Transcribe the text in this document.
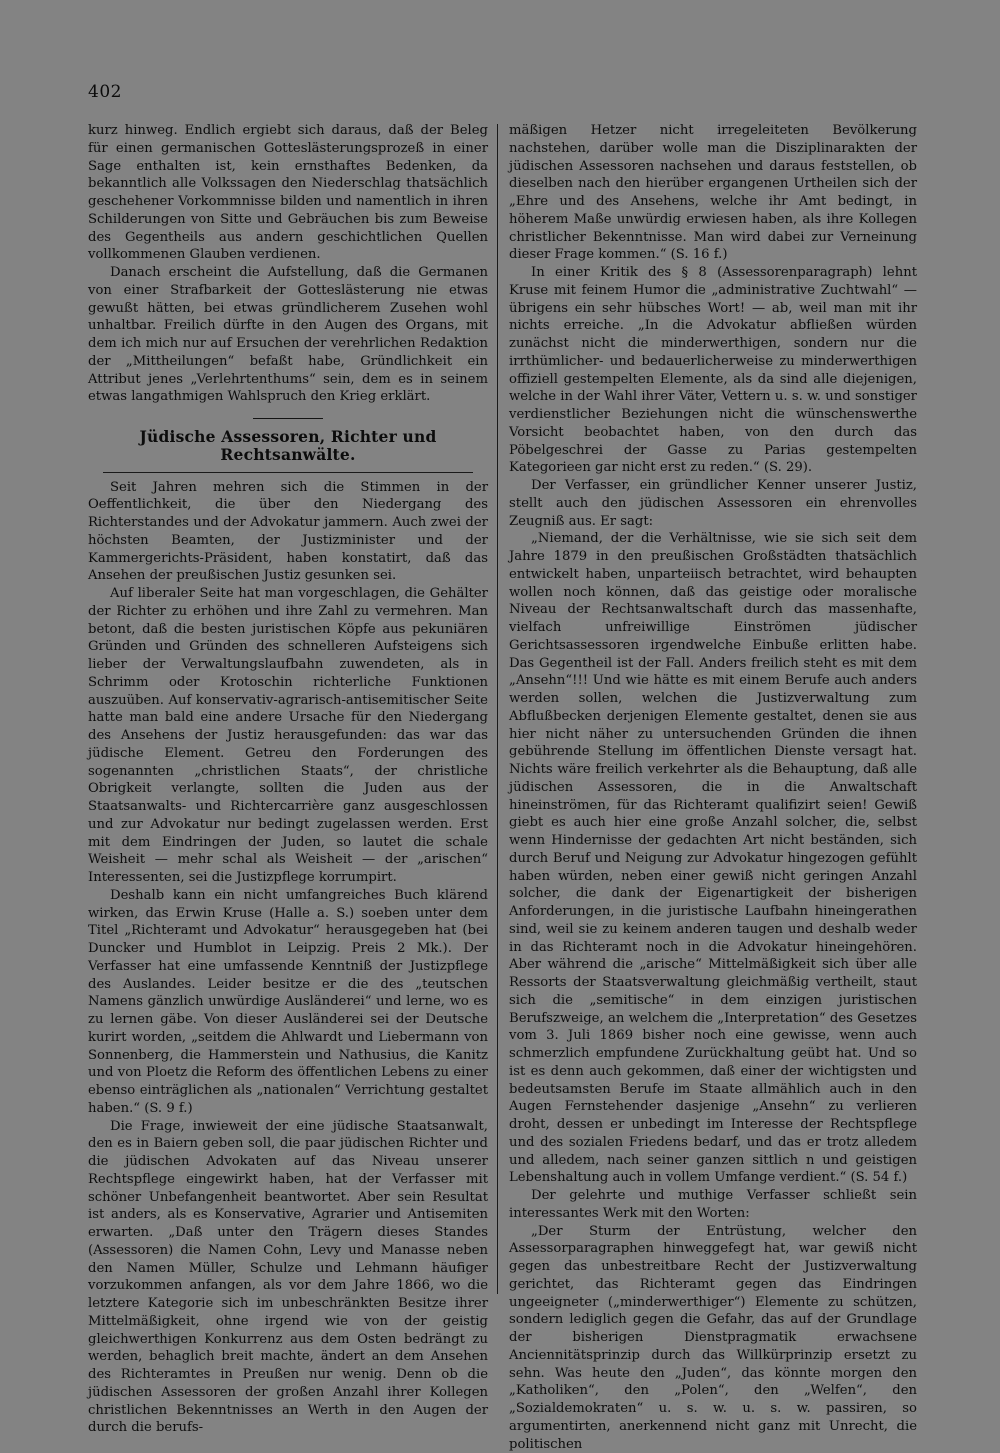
402

kurz hinweg. Endlich ergiebt sich daraus, daß der Beleg für einen germanischen Gotteslästerungsprozeß in einer Sage enthalten ist, kein ernsthaftes Bedenken, da bekanntlich alle Volkssagen den Niederschlag thatsächlich geschehener Vorkommnisse bilden und namentlich in ihren Schilderungen von Sitte und Gebräuchen bis zum Beweise des Gegentheils aus andern geschichtlichen Quellen vollkommenen Glauben verdienen.

Danach erscheint die Aufstellung, daß die Germanen von einer Strafbarkeit der Gotteslästerung nie etwas gewußt hätten, bei etwas gründlicherem Zusehen wohl unhaltbar. Freilich dürfte in den Augen des Organs, mit dem ich mich nur auf Ersuchen der verehrlichen Redaktion der „Mittheilungen“ befaßt habe, Gründlichkeit ein Attribut jenes „Verlehrtenthums“ sein, dem es in seinem etwas langathmigen Wahlspruch den Krieg erklärt.

Jüdische Assessoren, Richter und Rechtsanwälte.

Seit Jahren mehren sich die Stimmen in der Oeffentlichkeit, die über den Niedergang des Richterstandes und der Advokatur jammern. Auch zwei der höchsten Beamten, der Justizminister und der Kammergerichts-Präsident, haben konstatirt, daß das Ansehen der preußischen Justiz gesunken sei.

Auf liberaler Seite hat man vorgeschlagen, die Gehälter der Richter zu erhöhen und ihre Zahl zu vermehren. Man betont, daß die besten juristischen Köpfe aus pekuniären Gründen und Gründen des schnelleren Aufsteigens sich lieber der Verwaltungslaufbahn zuwendeten, als in Schrimm oder Krotoschin richterliche Funktionen auszuüben. Auf konservativ-agrarisch-antisemitischer Seite hatte man bald eine andere Ursache für den Niedergang des Ansehens der Justiz herausgefunden: das war das jüdische Element. Getreu den Forderungen des sogenannten „christlichen Staats“, der christliche Obrigkeit verlangte, sollten die Juden aus der Staatsanwalts- und Richtercarrière ganz ausgeschlossen und zur Advokatur nur bedingt zugelassen werden. Erst mit dem Eindringen der Juden, so lautet die schale Weisheit — mehr schal als Weisheit — der „arischen“ Interessenten, sei die Justizpflege korrumpirt.

Deshalb kann ein nicht umfangreiches Buch klärend wirken, das Erwin Kruse (Halle a. S.) soeben unter dem Titel „Richteramt und Advokatur“ herausgegeben hat (bei Duncker und Humblot in Leipzig. Preis 2 Mk.). Der Verfasser hat eine umfassende Kenntniß der Justizpflege des Auslandes. Leider besitze er die des „teutschen Namens gänzlich unwürdige Ausländerei“ und lerne, wo es zu lernen gäbe. Von dieser Ausländerei sei der Deutsche kurirt worden, „seitdem die Ahlwardt und Liebermann von Sonnenberg, die Hammerstein und Nathusius, die Kanitz und von Ploetz die Reform des öffentlichen Lebens zu einer ebenso einträglichen als „nationalen“ Verrichtung gestaltet haben.“ (S. 9 f.)

Die Frage, inwieweit der eine jüdische Staatsanwalt, den es in Baiern geben soll, die paar jüdischen Richter und die jüdischen Advokaten auf das Niveau unserer Rechtspflege eingewirkt haben, hat der Verfasser mit schöner Unbefangenheit beantwortet. Aber sein Resultat ist anders, als es Konservative, Agrarier und Antisemiten erwarten. „Daß unter den Trägern dieses Standes (Assessoren) die Namen Cohn, Levy und Manasse neben den Namen Müller, Schulze und Lehmann häufiger vorzukommen anfangen, als vor dem Jahre 1866, wo die letztere Kategorie sich im unbeschränkten Besitze ihrer Mittelmäßigkeit, ohne irgend wie von der geistig gleichwerthigen Konkurrenz aus dem Osten bedrängt zu werden, behaglich breit machte, ändert an dem Ansehen des Richteramtes in Preußen nur wenig. Denn ob die jüdischen Assessoren der großen Anzahl ihrer Kollegen christlichen Bekenntnisses an Werth in den Augen der durch die berufs-

mäßigen Hetzer nicht irregeleiteten Bevölkerung nachstehen, darüber wolle man die Disziplinarakten der jüdischen Assessoren nachsehen und daraus feststellen, ob dieselben nach den hierüber ergangenen Urtheilen sich der „Ehre und des Ansehens, welche ihr Amt bedingt, in höherem Maße unwürdig erwiesen haben, als ihre Kollegen christlicher Bekenntnisse. Man wird dabei zur Verneinung dieser Frage kommen.“ (S. 16 f.)

In einer Kritik des § 8 (Assessorenparagraph) lehnt Kruse mit feinem Humor die „administrative Zuchtwahl“ — übrigens ein sehr hübsches Wort! — ab, weil man mit ihr nichts erreiche. „In die Advokatur abfließen würden zunächst nicht die minderwerthigen, sondern nur die irrthümlicher- und bedauerlicherweise zu minderwerthigen offiziell gestempelten Elemente, als da sind alle diejenigen, welche in der Wahl ihrer Väter, Vettern u. s. w. und sonstiger verdienstlicher Beziehungen nicht die wünschenswerthe Vorsicht beobachtet haben, von den durch das Pöbelgeschrei der Gasse zu Parias gestempelten Kategorieen gar nicht erst zu reden.“ (S. 29).

Der Verfasser, ein gründlicher Kenner unserer Justiz, stellt auch den jüdischen Assessoren ein ehrenvolles Zeugniß aus. Er sagt:

„Niemand, der die Verhältnisse, wie sie sich seit dem Jahre 1879 in den preußischen Großstädten thatsächlich entwickelt haben, unparteiisch betrachtet, wird behaupten wollen noch können, daß das geistige oder moralische Niveau der Rechtsanwaltschaft durch das massenhafte, vielfach unfreiwillige Einströmen jüdischer Gerichtsassessoren irgendwelche Einbuße erlitten habe. Das Gegentheil ist der Fall. Anders freilich steht es mit dem „Ansehn“!!! Und wie hätte es mit einem Berufe auch anders werden sollen, welchen die Justizverwaltung zum Abflußbecken derjenigen Elemente gestaltet, denen sie aus hier nicht näher zu untersuchenden Gründen die ihnen gebührende Stellung im öffentlichen Dienste versagt hat. Nichts wäre freilich verkehrter als die Behauptung, daß alle jüdischen Assessoren, die in die Anwaltschaft hineinströmen, für das Richteramt qualifizirt seien! Gewiß giebt es auch hier eine große Anzahl solcher, die, selbst wenn Hindernisse der gedachten Art nicht beständen, sich durch Beruf und Neigung zur Advokatur hingezogen gefühlt haben würden, neben einer gewiß nicht geringen Anzahl solcher, die dank der Eigenartigkeit der bisherigen Anforderungen, in die juristische Laufbahn hineingerathen sind, weil sie zu keinem anderen taugen und deshalb weder in das Richteramt noch in die Advokatur hineingehören. Aber während die „arische“ Mittelmäßigkeit sich über alle Ressorts der Staatsverwaltung gleichmäßig vertheilt, staut sich die „semitische“ in dem einzigen juristischen Berufszweige, an welchem die „Interpretation“ des Gesetzes vom 3. Juli 1869 bisher noch eine gewisse, wenn auch schmerzlich empfundene Zurückhaltung geübt hat. Und so ist es denn auch gekommen, daß einer der wichtigsten und bedeutsamsten Berufe im Staate allmählich auch in den Augen Fernstehender dasjenige „Ansehn“ zu verlieren droht, dessen er unbedingt im Interesse der Rechtspflege und des sozialen Friedens bedarf, und das er trotz alledem und alledem, nach seiner ganzen sittlich n und geistigen Lebenshaltung auch in vollem Umfange verdient.“ (S. 54 f.)

Der gelehrte und muthige Verfasser schließt sein interessantes Werk mit den Worten:

„Der Sturm der Entrüstung, welcher den Assessorparagraphen hinweggefegt hat, war gewiß nicht gegen das unbestreitbare Recht der Justizverwaltung gerichtet, das Richteramt gegen das Eindringen ungeeigneter („minderwerthiger“) Elemente zu schützen, sondern lediglich gegen die Gefahr, das auf der Grundlage der bisherigen Dienstpragmatik erwachsene Anciennitätsprinzip durch das Willkürprinzip ersetzt zu sehn. Was heute den „Juden“, das könnte morgen den „Katholiken“, den „Polen“, den „Welfen“, den „Sozialdemokraten“ u. s. w. u. s. w. passiren, so argumentirten, anerkennend nicht ganz mit Unrecht, die politischen
